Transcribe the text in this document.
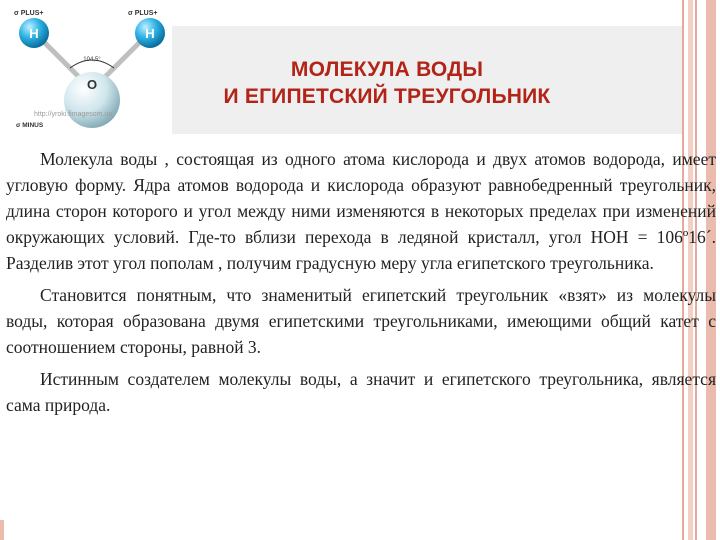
104,5°
σ PLUS+	σ PLUS+
H	H
O
σ MINUS
http://yroki.fimagesom.ua
МОЛЕКУЛА ВОДЫ
И ЕГИПЕТСКИЙ ТРЕУГОЛЬНИК

Молекула воды , состоящая из одного атома кислорода и двух атомов водорода, имеет угловую форму. Ядра атомов водорода и кислорода образуют равнобедренный треугольник, длина сторон которого и угол между ними изменяются в некоторых пределах при изменений окружающих условий. Где-то вблизи перехода в ледяной кристалл, угол НОН = 106º16´. Разделив этот угол пополам , получим градусную меру угла египетского треугольника.

Становится понятным, что знаменитый египетский треугольник «взят» из молекулы воды, которая образована двумя египетскими треугольниками, имеющими общий катет с соотношением стороны, равной 3.

Истинным создателем молекулы воды, а значит и египетского треугольника, является сама природа.
